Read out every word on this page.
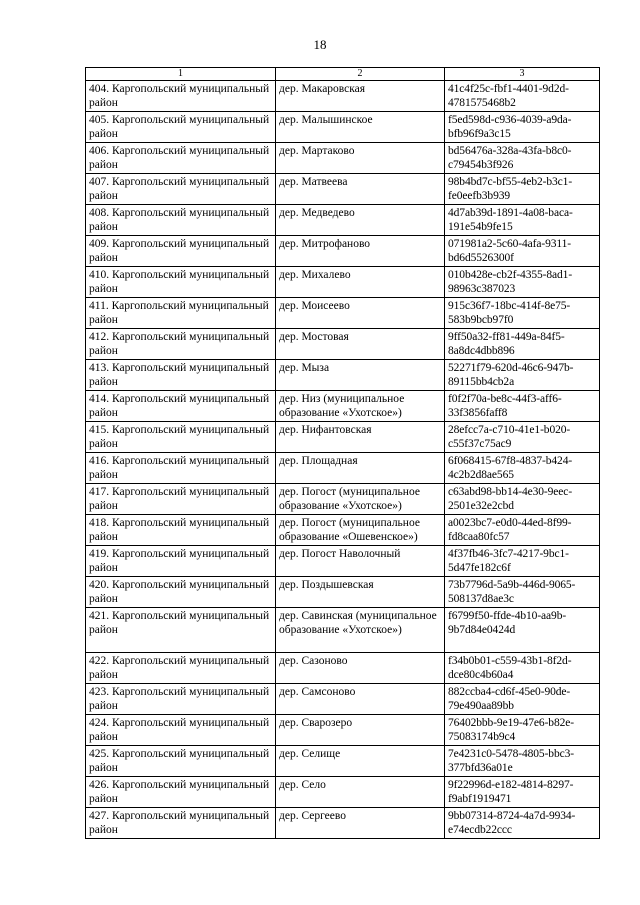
18
1	2	3
404. Каргопольский муниципальный район	дер. Макаровская	41c4f25c-fbf1-4401-9d2d-4781575468b2
405. Каргопольский муниципальный район	дер. Малышинское	f5ed598d-c936-4039-a9da-bfb96f9a3c15
406. Каргопольский муниципальный район	дер. Мартаково	bd56476a-328a-43fa-b8c0-c79454b3f926
407. Каргопольский муниципальный район	дер. Матвеева	98b4bd7c-bf55-4eb2-b3c1-fe0eefb3b939
408. Каргопольский муниципальный район	дер. Медведево	4d7ab39d-1891-4a08-baca-191e54b9fe15
409. Каргопольский муниципальный район	дер. Митрофаново	071981a2-5c60-4afa-9311-bd6d5526300f
410. Каргопольский муниципальный район	дер. Михалево	010b428e-cb2f-4355-8ad1-98963c387023
411. Каргопольский муниципальный район	дер. Моисеево	915c36f7-18bc-414f-8e75-583b9bcb97f0
412. Каргопольский муниципальный район	дер. Мостовая	9ff50a32-ff81-449a-84f5-8a8dc4dbb896
413. Каргопольский муниципальный район	дер. Мыза	52271f79-620d-46c6-947b-89115bb4cb2a
414. Каргопольский муниципальный район	дер. Низ (муниципальное образование «Ухотское»)	f0f2f70a-be8c-44f3-aff6-33f3856faff8
415. Каргопольский муниципальный район	дер. Нифантовская	28efcc7a-c710-41e1-b020-c55f37c75ac9
416. Каргопольский муниципальный район	дер. Площадная	6f068415-67f8-4837-b424-4c2b2d8ae565
417. Каргопольский муниципальный район	дер. Погост (муниципальное образование «Ухотское»)	c63abd98-bb14-4e30-9eec-2501e32e2cbd
418. Каргопольский муниципальный район	дер. Погост (муниципальное образование «Ошевенское»)	a0023bc7-e0d0-44ed-8f99-fd8caa80fc57
419. Каргопольский муниципальный район	дер. Погост Наволочный	4f37fb46-3fc7-4217-9bc1-5d47fe182c6f
420. Каргопольский муниципальный район	дер. Поздышевская	73b7796d-5a9b-446d-9065-508137d8ae3c
421. Каргопольский муниципальный район	дер. Савинская (муниципальное образование «Ухотское»)	f6799f50-ffde-4b10-aa9b-9b7d84e0424d
422. Каргопольский муниципальный район	дер. Сазоново	f34b0b01-c559-43b1-8f2d-dce80c4b60a4
423. Каргопольский муниципальный район	дер. Самсоново	882ccba4-cd6f-45e0-90de-79e490aa89bb
424. Каргопольский муниципальный район	дер. Сварозеро	76402bbb-9e19-47e6-b82e-75083174b9c4
425. Каргопольский муниципальный район	дер. Селище	7e4231c0-5478-4805-bbc3-377bfd36a01e
426. Каргопольский муниципальный район	дер. Село	9f22996d-e182-4814-8297-f9abf1919471
427. Каргопольский муниципальный район	дер. Сергеево	9bb07314-8724-4a7d-9934-e74ecdb22ccc
